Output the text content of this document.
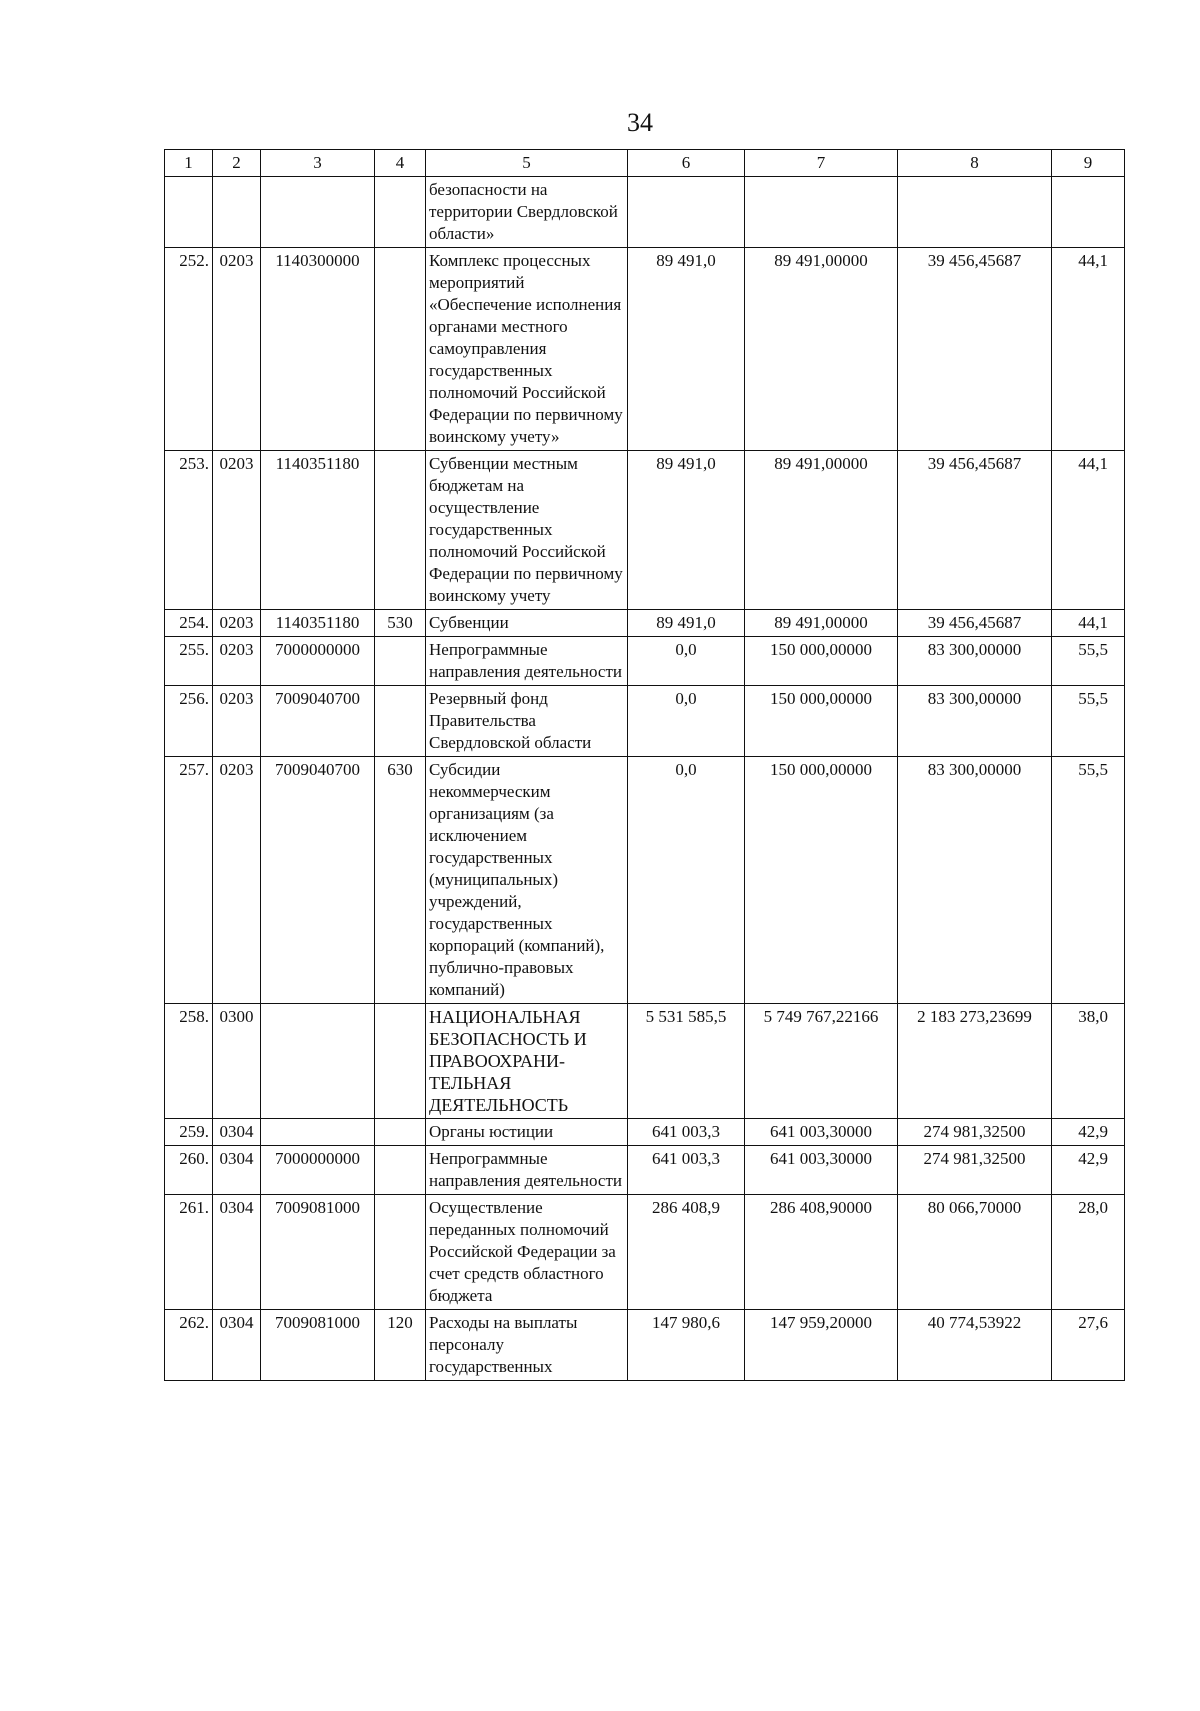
34
1	2	3	4	5	6	7	8	9
				безопасности на территории Свердловской области»				
252.	0203	1140300000		Комплекс процессных мероприятий «Обеспечение исполнения органами местного самоуправления государственных полномочий Российской Федерации по первичному воинскому учету»	89 491,0	89 491,00000	39 456,45687	44,1
253.	0203	1140351180		Субвенции местным бюджетам на осуществление государственных полномочий Российской Федерации по первичному воинскому учету	89 491,0	89 491,00000	39 456,45687	44,1
254.	0203	1140351180	530	Субвенции	89 491,0	89 491,00000	39 456,45687	44,1
255.	0203	7000000000		Непрограммные направления деятельности	0,0	150 000,00000	83 300,00000	55,5
256.	0203	7009040700		Резервный фонд Правительства Свердловской области	0,0	150 000,00000	83 300,00000	55,5
257.	0203	7009040700	630	Субсидии некоммерческим организациям (за исключением государственных (муниципальных) учреждений, государственных корпораций (компаний), публично-правовых компаний)	0,0	150 000,00000	83 300,00000	55,5
258.	0300			НАЦИОНАЛЬНАЯ БЕЗОПАСНОСТЬ И ПРАВООХРАНИ-ТЕЛЬНАЯ ДЕЯТЕЛЬНОСТЬ	5 531 585,5	5 749 767,22166	2 183 273,23699	38,0
259.	0304			Органы юстиции	641 003,3	641 003,30000	274 981,32500	42,9
260.	0304	7000000000		Непрограммные направления деятельности	641 003,3	641 003,30000	274 981,32500	42,9
261.	0304	7009081000		Осуществление переданных полномочий Российской Федерации за счет средств областного бюджета	286 408,9	286 408,90000	80 066,70000	28,0
262.	0304	7009081000	120	Расходы на выплаты персоналу государственных	147 980,6	147 959,20000	40 774,53922	27,6
